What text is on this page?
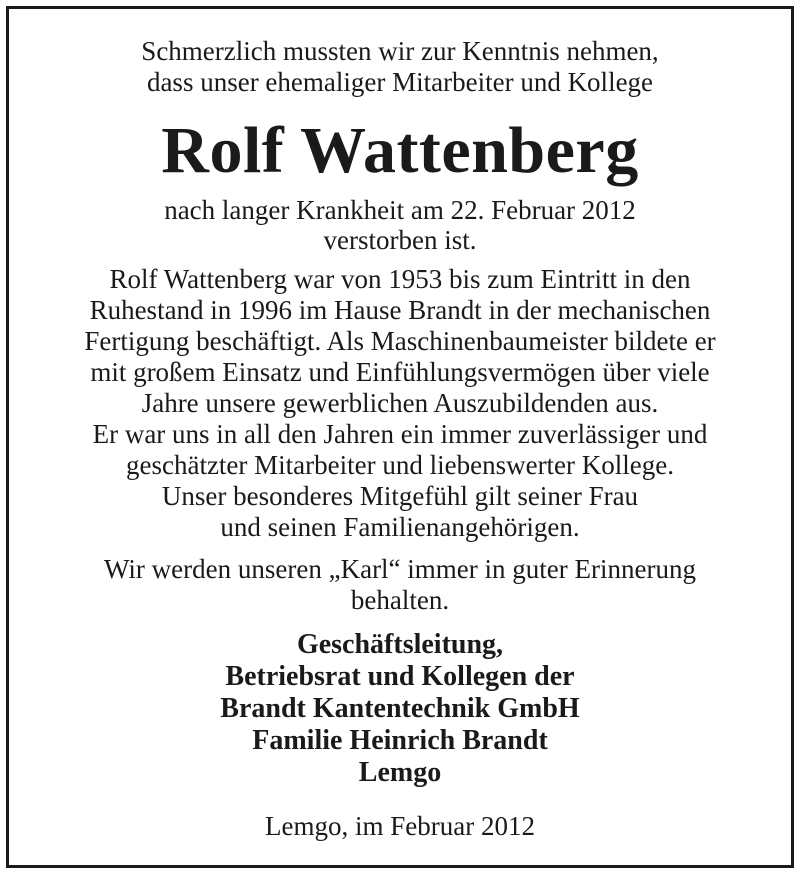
Schmerzlich mussten wir zur Kenntnis nehmen,
dass unser ehemaliger Mitarbeiter und Kollege
Rolf Wattenberg
nach langer Krankheit am 22. Februar 2012
verstorben ist.
Rolf Wattenberg war von 1953 bis zum Eintritt in den
Ruhestand in 1996 im Hause Brandt in der mechanischen
Fertigung beschäftigt. Als Maschinenbaumeister bildete er
mit großem Einsatz und Einfühlungsvermögen über viele
Jahre unsere gewerblichen Auszubildenden aus.
Er war uns in all den Jahren ein immer zuverlässiger und
geschätzter Mitarbeiter und liebenswerter Kollege.
Unser besonderes Mitgefühl gilt seiner Frau
und seinen Familienangehörigen.
Wir werden unseren „Karl“ immer in guter Erinnerung
behalten.
Geschäftsleitung,
Betriebsrat und Kollegen der
Brandt Kantentechnik GmbH
Familie Heinrich Brandt
Lemgo
Lemgo, im Februar 2012
